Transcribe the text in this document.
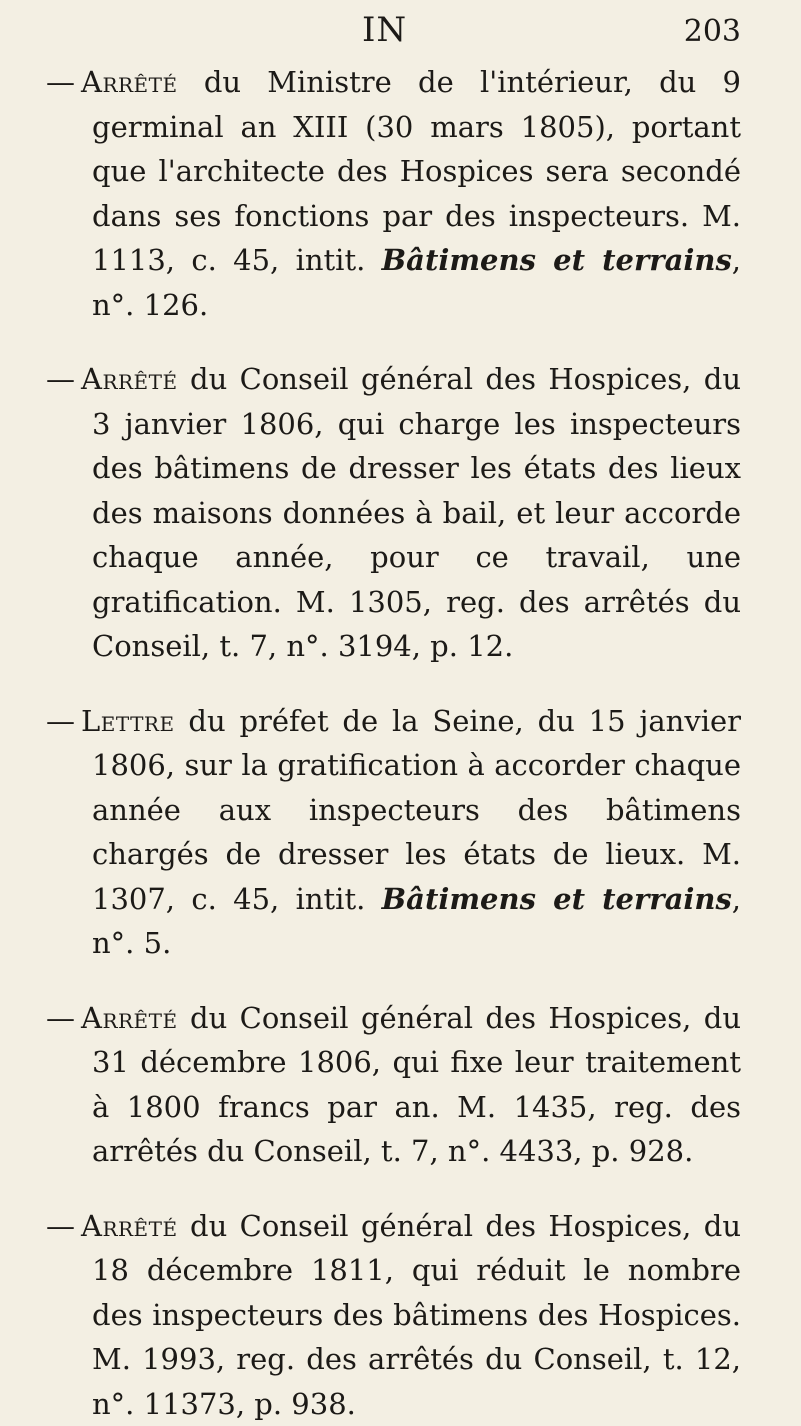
IN	203

— Arrêté du Ministre de l'intérieur, du 9 germinal an XIII (30 mars 1805), portant que l'architecte des Hospices sera secondé dans ses fonctions par des inspecteurs. M. 1113, c. 45, intit. Bâtimens et terrains, n°. 126.

— Arrêté du Conseil général des Hospices, du 3 janvier 1806, qui charge les inspecteurs des bâtimens de dresser les états des lieux des maisons données à bail, et leur accorde chaque année, pour ce travail, une gratification. M. 1305, reg. des arrêtés du Conseil, t. 7, n°. 3194, p. 12.

— Lettre du préfet de la Seine, du 15 janvier 1806, sur la gratification à accorder chaque année aux inspecteurs des bâtimens chargés de dresser les états de lieux. M. 1307, c. 45, intit. Bâtimens et terrains, n°. 5.

— Arrêté du Conseil général des Hospices, du 31 décembre 1806, qui fixe leur traitement à 1800 francs par an. M. 1435, reg. des arrêtés du Conseil, t. 7, n°. 4433, p. 928.

— Arrêté du Conseil général des Hospices, du 18 décembre 1811, qui réduit le nombre des inspecteurs des bâtimens des Hospices. M. 1993, reg. des arrêtés du Conseil, t. 12, n°. 11373, p. 938.
